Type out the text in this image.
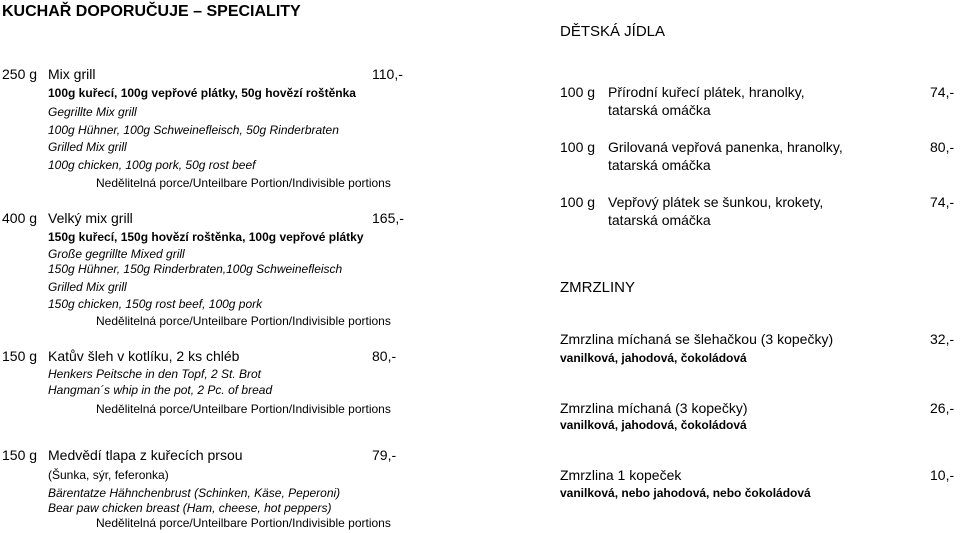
KUCHAŘ DOPORUČUJE – SPECIALITY
250 g Mix grill	110,-
100g kuřecí, 100g vepřové plátky, 50g hovězí roštěnka
Gegrillte Mix grill
100g Hühner, 100g Schweinefleisch, 50g Rinderbraten
Grilled Mix grill
100g chicken, 100g pork, 50g rost beef
Nedělitelná porce/Unteilbare Portion/Indivisible portions
400 g Velký mix grill	165,-
150g kuřecí, 150g hovězí roštěnka, 100g vepřové plátky
Große gegrillte Mixed grill
150g Hühner, 150g Rinderbraten,100g Schweinefleisch
Grilled Mix grill
150g chicken, 150g rost beef, 100g pork
Nedělitelná porce/Unteilbare Portion/Indivisible portions
150 g Katův šleh v kotlíku, 2 ks chléb	80,-
Henkers Peitsche in den Topf, 2 St. Brot
Hangman´s whip in the pot, 2 Pc. of bread
Nedělitelná porce/Unteilbare Portion/Indivisible portions
150 g Medvědí tlapa z kuřecích prsou	79,-
(Šunka, sýr, feferonka)
Bärentatze Hähnchenbrust (Schinken, Käse, Peperoni)
Bear paw chicken breast (Ham, cheese, hot peppers)
Nedělitelná porce/Unteilbare Portion/Indivisible portions
DĚTSKÁ JÍDLA
100 g Přírodní kuřecí plátek, hranolky,	74,-
tatarská omáčka
100 g Grilovaná vepřová panenka, hranolky,	80,-
tatarská omáčka
100 g Vepřový plátek se šunkou, krokety,	74,-
tatarská omáčka
ZMRZLINY
Zmrzlina míchaná se šlehačkou (3 kopečky)	32,-
vanilková, jahodová, čokoládová
Zmrzlina míchaná (3 kopečky)	26,-
vanilková, jahodová, čokoládová
Zmrzlina 1 kopeček	10,-
vanilková, nebo jahodová, nebo čokoládová
